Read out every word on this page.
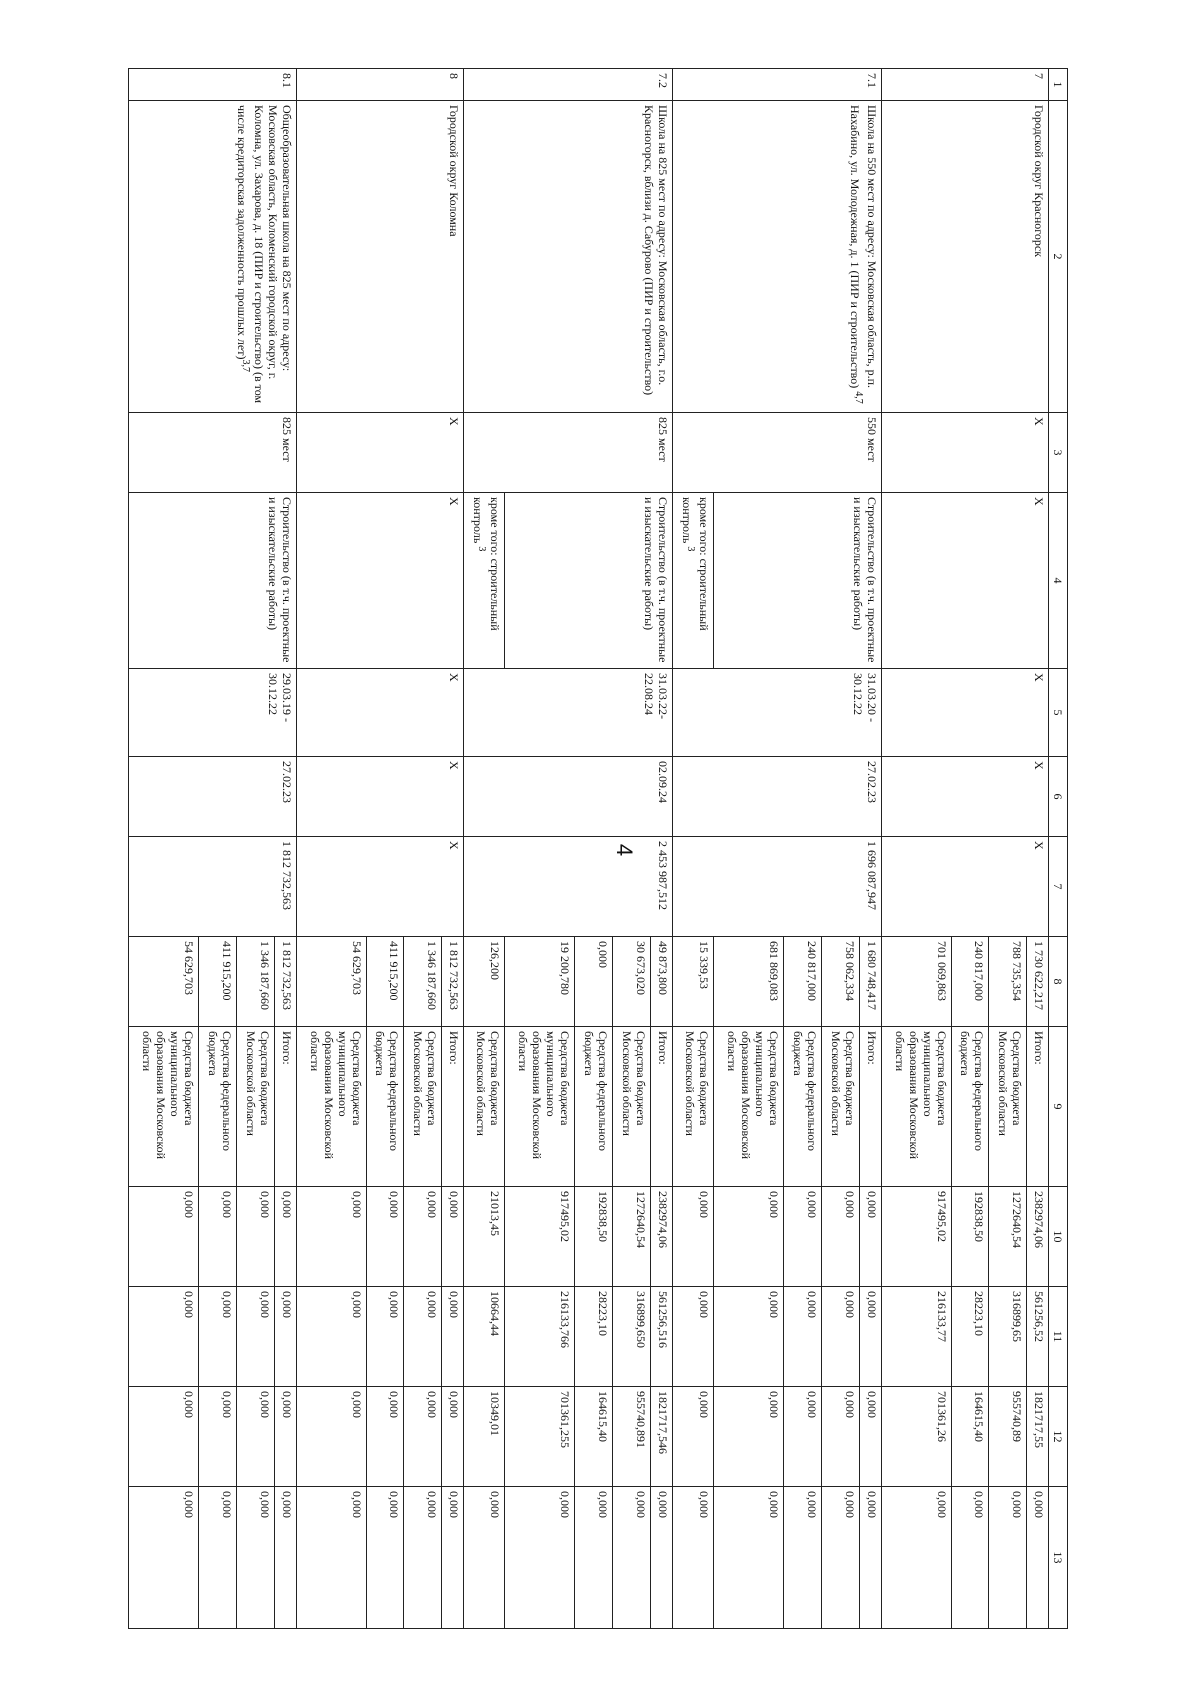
4
1	2	3	4	5	6	7	8	9	10	11	12	13
7	Городской округ Красногорск	Х	Х	Х	Х	Х	1 730 622,217	Итого:	2382974,06	561256,52	1821717,55	0,000
							788 735,354	Средства бюджета Московской области	1272640,54	316899,65	955740,89	0,000
							240 817,000	Средства федерального бюджета	192838,50	28223,10	164615,40	0,000
							701 069,863	Средства бюджета муниципального образования Московской области	917495,02	216133,77	701361,26	0,000
7.1	Школа на 550 мест по адресу: Московская область, р.п. Нахабино, ул. Молодежная, д. 1 (ПИР и строительство) $^{4,7}$	550 мест	Строительство (в т.ч. проектные и изыскательские работы)	31.03.20 - 30.12.22	27.02.23	1 696 087,947	1 680 748,417	Итого:	0,000	0,000	0,000	0,000
							758 062,334	Средства бюджета Московской области	0,000	0,000	0,000	0,000
							240 817,000	Средства федерального бюджета	0,000	0,000	0,000	0,000
							681 869,083	Средства бюджета муниципального образования Московской области	0,000	0,000	0,000	0,000
			кроме того: строительный контроль $^3$				15 339,53	Средства бюджета Московской области	0,000	0,000	0,000	0,000
7.2	Школа на 825 мест по адресу: Московская область, г.о. Красногорск, вблизи д. Сабурово (ПИР и строительство)	825 мест	Строительство (в т.ч. проектные и изыскательские работы)	31.03.22- 22.08.24	02.09.24	2 453 987,512	49 873,800	Итого:	2382974,06	561256,516	1821717,546	0,000
							30 673,020	Средства бюджета Московской области	1272640,54	316899,650	955740,891	0,000
							0,000	Средства федерального бюджета	192838,50	28223,10	164615,40	0,000
							19 200,780	Средства бюджета муниципального образования Московской области	917495,02	216133,766	701361,255	0,000
			кроме того: строительный контроль $^3$				126,200	Средства бюджета Московской области	21013,45	10664,44	10349,01	0,000
8	Городской округ Коломна	Х	Х	Х	Х	Х	1 812 732,563	Итого:	0,000	0,000	0,000	0,000
							1 346 187,660	Средства бюджета Московской области	0,000	0,000	0,000	0,000
							411 915,200	Средства федерального бюджета	0,000	0,000	0,000	0,000
							54 629,703	Средства бюджета муниципального образования Московской области	0,000	0,000	0,000	0,000
8.1	Общеобразовательная школа на 825 мест по адресу: Московская область, Коломенский городской округ, г. Коломна, ул. Захарова, д. 18 (ПИР и строительство) (в том числе кредиторская задолженность прошлых лет)$^{3,7}$	825 мест	Строительство (в т.ч. проектные и изыскательские работы)	29.03.19 - 30.12.22	27.02.23	1 812 732,563	1 812 732,563	Итого:	0,000	0,000	0,000	0,000
							1 346 187,660	Средства бюджета Московской области	0,000	0,000	0,000	0,000
							411 915,200	Средства федерального бюджета	0,000	0,000	0,000	0,000
							54 629,703	Средства бюджета муниципального образования Московской области	0,000	0,000	0,000	0,000
